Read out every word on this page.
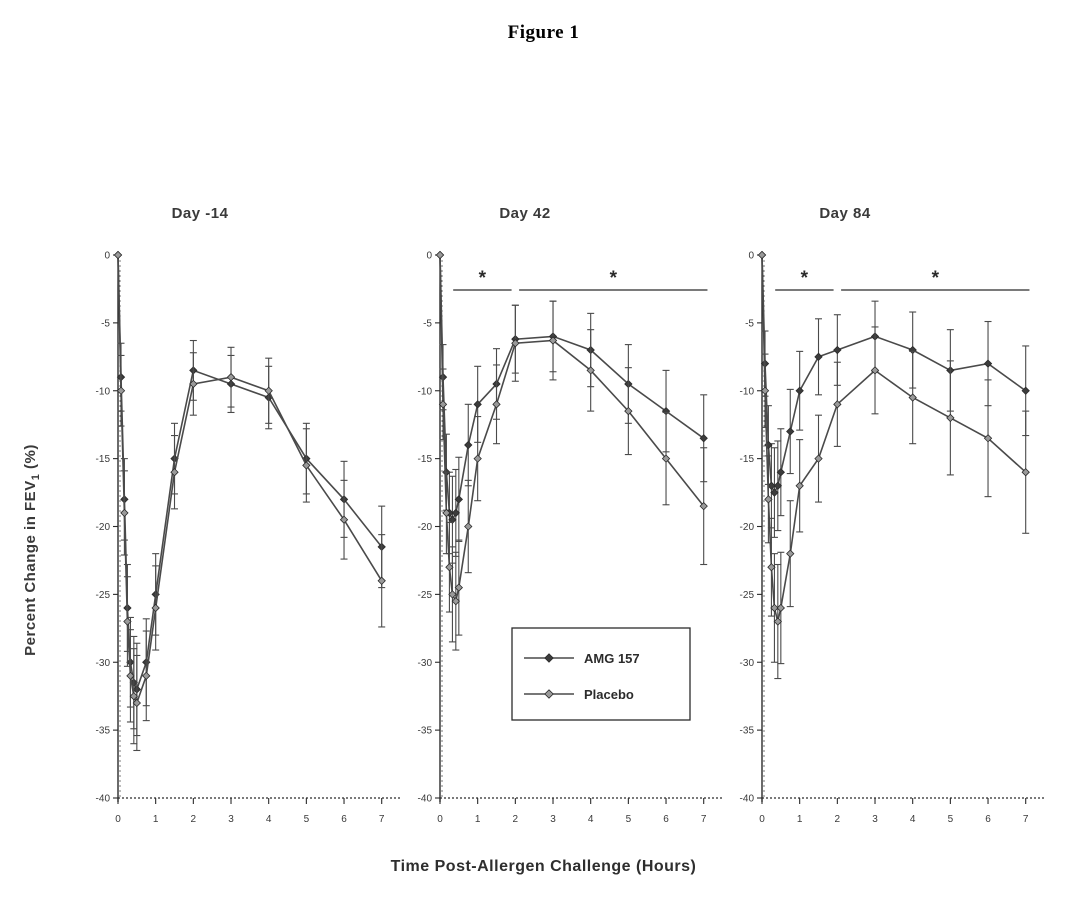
Figure 1
Day -14	Day 42	Day 84
Percent Change in $FEV_1$ (%)
Time Post-Allergen Challenge (Hours)
0
-5
-10
-15
-20
-25
-30
-35
-40
0	1	2	3	4	5	6	7
0
-5
-10
-15
-20
-25
-30
-35
-40
0	1	2	3	4	5	6	7
*	*
0
-5
-10
-15
-20
-25
-30
-35
-40
0	1	2	3	4	5	6	7
*	*
AMG 157
Placebo
